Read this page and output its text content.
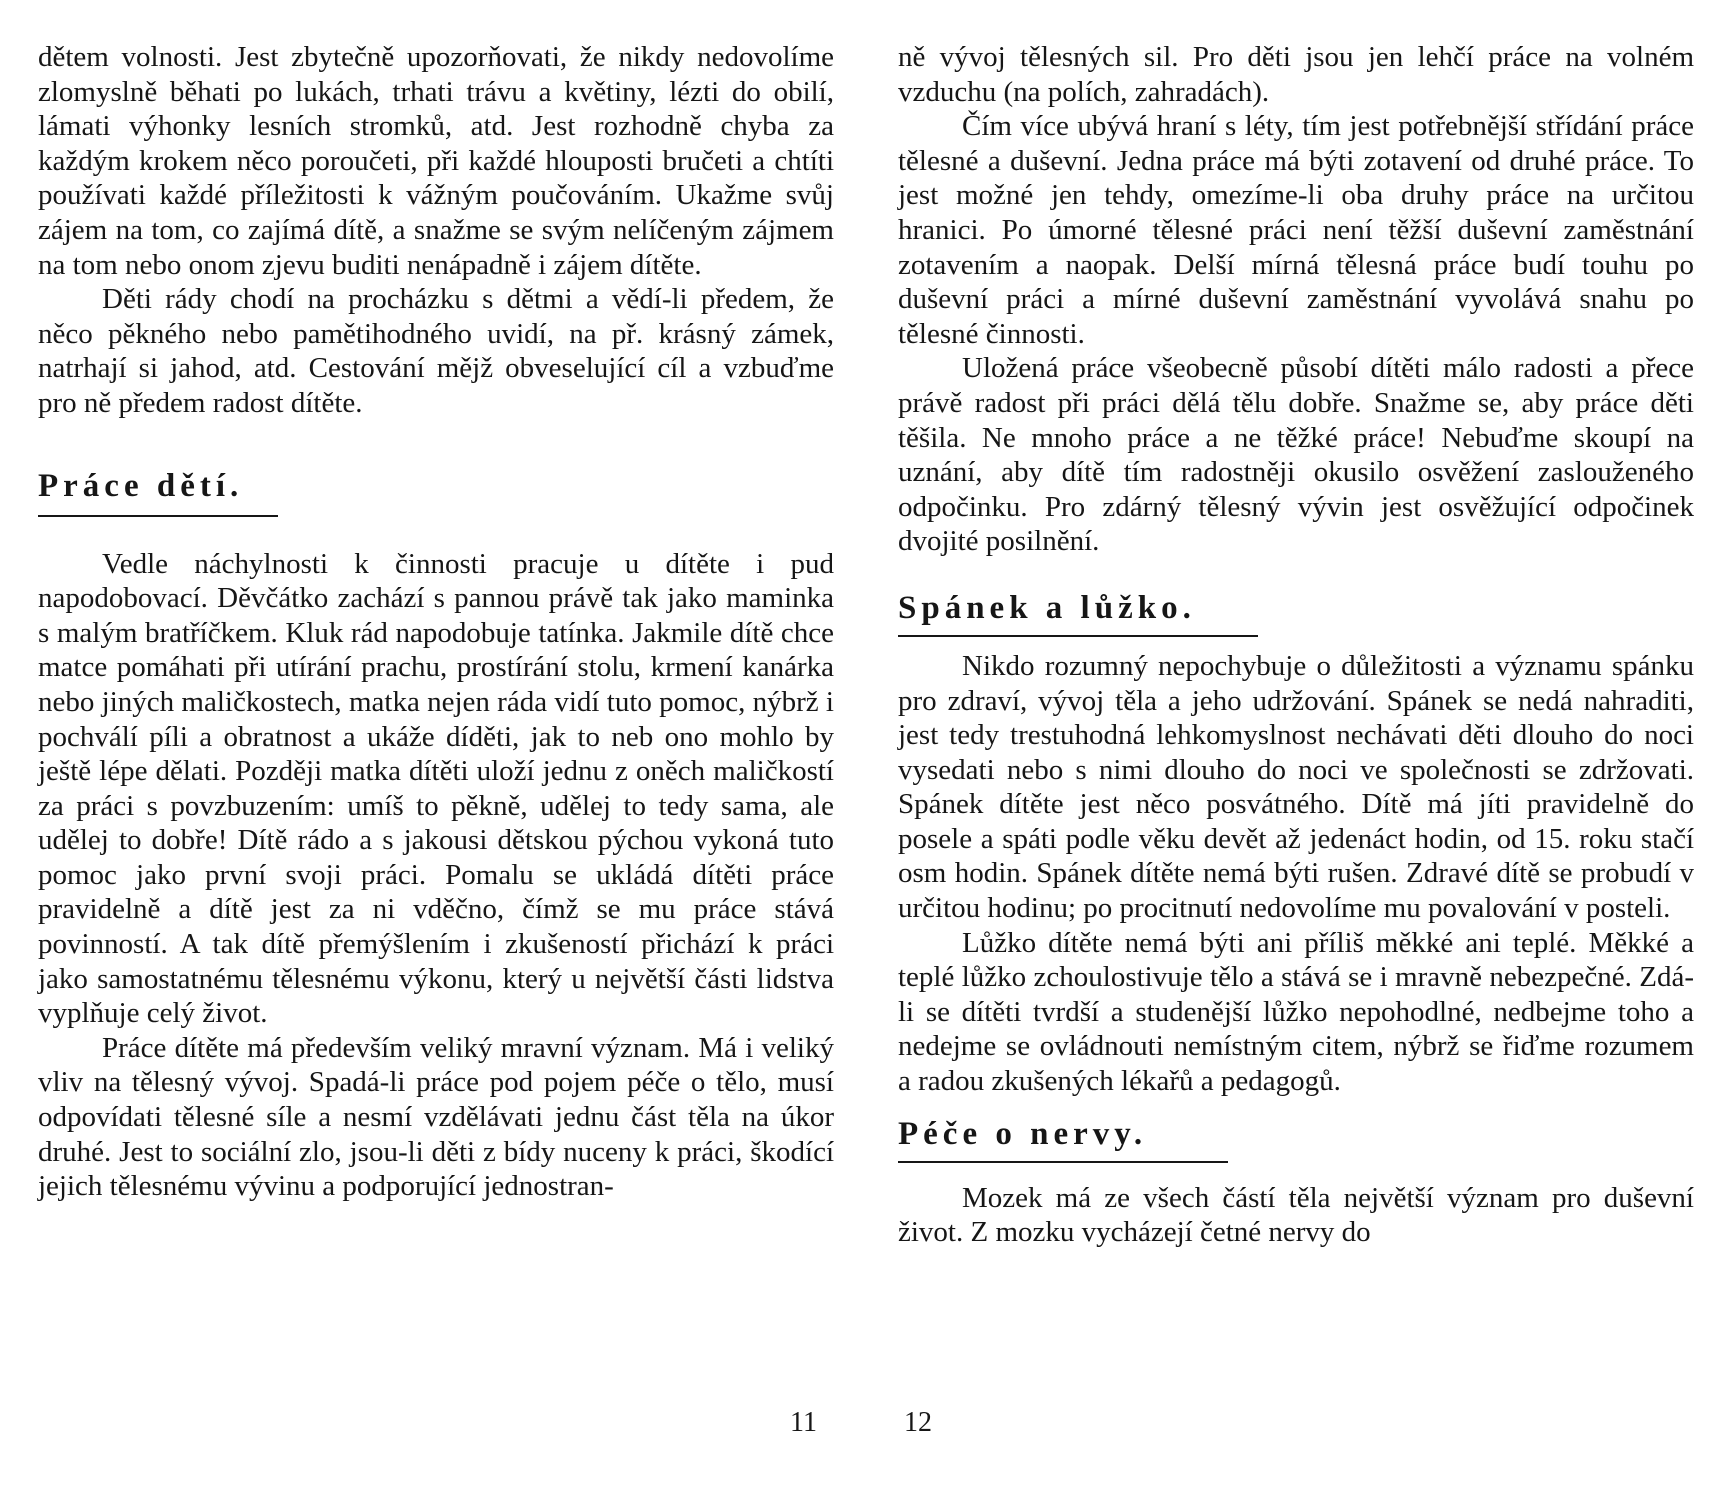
dětem volnosti. Jest zbytečně upozorňovati, že nikdy nedovolíme zlomyslně běhati po lukách, trhati trávu a květiny, lézti do obilí, lámati výhonky lesních stromků, atd. Jest rozhodně chyba za každým krokem něco poroučeti, při každé hlouposti bručeti a chtíti používati každé příležitosti k vážným poučováním. Ukažme svůj zájem na tom, co zajímá dítě, a snažme se svým nelíčeným zájmem na tom nebo onom zjevu buditi nenápadně i zájem dítěte.

Děti rády chodí na procházku s dětmi a vědí-li předem, že něco pěkného nebo pamětihodného uvidí, na př. krásný zámek, natrhají si jahod, atd. Cestování mějž obveselující cíl a vzbuďme pro ně předem radost dítěte.

Práce dětí.

Vedle náchylnosti k činnosti pracuje u dítěte i pud napodobovací. Děvčátko zachází s pannou právě tak jako maminka s malým bratříčkem. Kluk rád napodobuje tatínka. Jakmile dítě chce matce pomáhati při utírání prachu, prostírání stolu, krmení kanárka nebo jiných maličkostech, matka nejen ráda vidí tuto pomoc, nýbrž i pochválí píli a obratnost a ukáže díděti, jak to neb ono mohlo by ještě lépe dělati. Později matka dítěti uloží jednu z oněch maličkostí za práci s povzbuzením: umíš to pěkně, udělej to tedy sama, ale udělej to dobře! Dítě rádo a s jakousi dětskou pýchou vykoná tuto pomoc jako první svoji práci. Pomalu se ukládá dítěti práce pravidelně a dítě jest za ni vděčno, čímž se mu práce stává povinností. A tak dítě přemýšlením i zkušeností přichází k práci jako samostatnému tělesnému výkonu, který u největší části lidstva vyplňuje celý život.

Práce dítěte má především veliký mravní význam. Má i veliký vliv na tělesný vývoj. Spadá-li práce pod pojem péče o tělo, musí odpovídati tělesné síle a nesmí vzdělávati jednu část těla na úkor druhé. Jest to sociální zlo, jsou-li děti z bídy nuceny k práci, škodící jejich tělesnému vývinu a podporující jednostran-

ně vývoj tělesných sil. Pro děti jsou jen lehčí práce na volném vzduchu (na polích, zahradách).

Čím více ubývá hraní s léty, tím jest potřebnější střídání práce tělesné a duševní. Jedna práce má býti zotavení od druhé práce. To jest možné jen tehdy, omezíme-li oba druhy práce na určitou hranici. Po úmorné tělesné práci není těžší duševní zaměstnání zotavením a naopak. Delší mírná tělesná práce budí touhu po duševní práci a mírné duševní zaměstnání vyvolává snahu po tělesné činnosti.

Uložená práce všeobecně působí dítěti málo radosti a přece právě radost při práci dělá tělu dobře. Snažme se, aby práce děti těšila. Ne mnoho práce a ne těžké práce! Nebuďme skoupí na uznání, aby dítě tím radostněji okusilo osvěžení zaslouženého odpočinku. Pro zdárný tělesný vývin jest osvěžující odpočinek dvojité posilnění.

Spánek a lůžko.

Nikdo rozumný nepochybuje o důležitosti a významu spánku pro zdraví, vývoj těla a jeho udržování. Spánek se nedá nahraditi, jest tedy trestuhodná lehkomyslnost nechávati děti dlouho do noci vysedati nebo s nimi dlouho do noci ve společnosti se zdržovati. Spánek dítěte jest něco posvátného. Dítě má jíti pravidelně do posele a spáti podle věku devět až jedenáct hodin, od 15. roku stačí osm hodin. Spánek dítěte nemá býti rušen. Zdravé dítě se probudí v určitou hodinu; po procitnutí nedovolíme mu povalování v posteli.

Lůžko dítěte nemá býti ani příliš měkké ani teplé. Měkké a teplé lůžko zchoulostivuje tělo a stává se i mravně nebezpečné. Zdá-li se dítěti tvrdší a studenější lůžko nepohodlné, nedbejme toho a nedejme se ovládnouti nemístným citem, nýbrž se řiďme rozumem a radou zkušených lékařů a pedagogů.

Péče o nervy.

Mozek má ze všech částí těla největší význam pro duševní život. Z mozku vycházejí četné nervy do

11	12
